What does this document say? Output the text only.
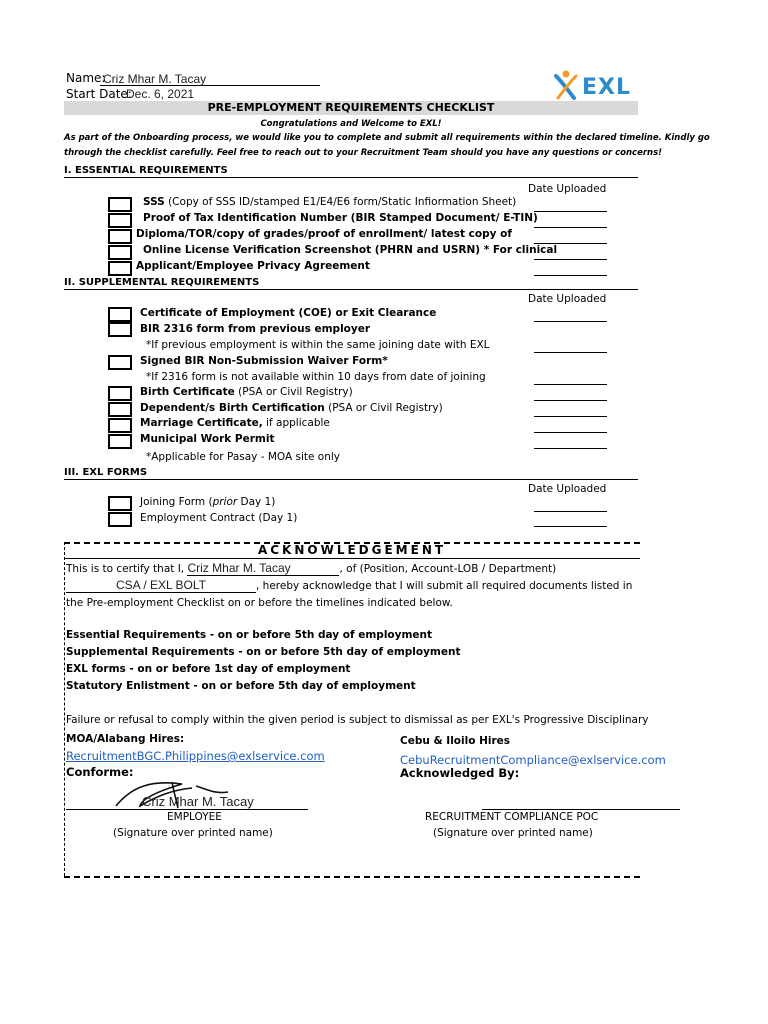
Name:
Criz Mhar M. Tacay
Start Date:
Dec. 6, 2021	EXL
PRE-EMPLOYMENT REQUIREMENTS CHECKLIST
Congratulations and Welcome to EXL!
As part of the Onboarding process, we would like you to complete and submit all requirements within the declared timeline. Kindly go
through the checklist carefully. Feel free to reach out to your Recruitment Team should you have any questions or concerns!
I. ESSENTIAL REQUIREMENTS
Date Uploaded
SSS (Copy of SSS ID/stamped E1/E4/E6 form/Static Infiormation Sheet)
Proof of Tax Identification Number (BIR Stamped Document/ E-TIN)
Diploma/TOR/copy of grades/proof of enrollment/ latest copy of
Online License Verification Screenshot (PHRN and USRN) * For clinical
Applicant/Employee Privacy Agreement
II. SUPPLEMENTAL REQUIREMENTS
Date Uploaded
Certificate of Employment (COE) or Exit Clearance
BIR 2316 form from previous employer
*If previous employment is within the same joining date with EXL
Signed BIR Non-Submission Waiver Form*
*If 2316 form is not available within 10 days from date of joining
Birth Certificate (PSA or Civil Registry)
Dependent/s Birth Certification (PSA or Civil Registry)
Marriage Certificate, if applicable
Municipal Work Permit
*Applicable for Pasay - MOA site only
III. EXL FORMS
Date Uploaded
Joining Form (prior Day 1)
Employment Contract (Day 1)
ACKNOWLEDGEMENT
This is to certify that I, Criz Mhar M. Tacay	, of (Position, Account-LOB / Department)
CSA / EXL BOLT	, hereby acknowledge that I will submit all required documents listed in
the Pre-employment Checklist on or before the timelines indicated below.
Essential Requirements - on or before 5th day of employment
Supplemental Requirements - on or before 5th day of employment
EXL forms - on or before 1st day of employment
Statutory Enlistment - on or before 5th day of employment
Failure or refusal to comply within the given period is subject to dismissal as per EXL's Progressive Disciplinary
MOA/Alabang Hires:
RecruitmentBGC.Philippines@exlservice.com
Conforme:
Cebu & Iloilo Hires
CebuRecruitmentCompliance@exlservice.com
Acknowledged By:
Criz Mhar M. Tacay
EMPLOYEE
(Signature over printed name)
RECRUITMENT COMPLIANCE POC
(Signature over printed name)
